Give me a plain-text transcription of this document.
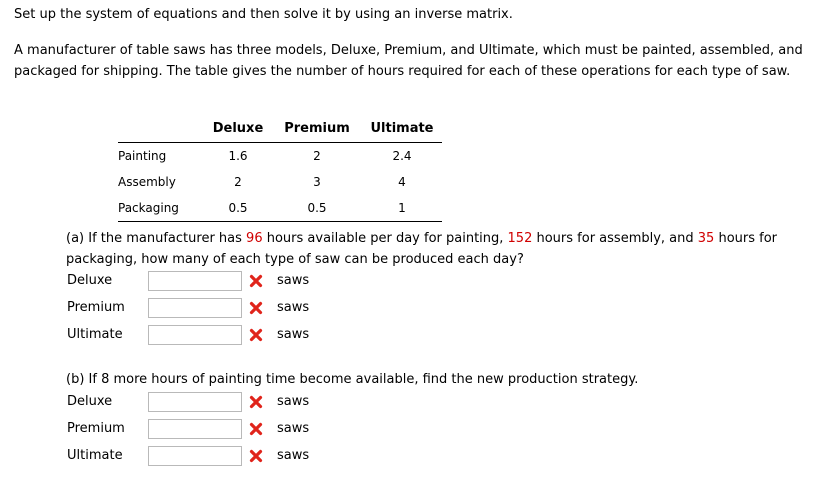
Set up the system of equations and then solve it by using an inverse matrix.
A manufacturer of table saws has three models, Deluxe, Premium, and Ultimate, which must be painted, assembled, and packaged for shipping. The table gives the number of hours required for each of these operations for each type of saw.
	Deluxe	Premium	Ultimate
Painting	1.6	2	2.4
Assembly	2	3	4
Packaging	0.5	0.5	1
(a) If the manufacturer has 96 hours available per day for painting, 152 hours for assembly, and 35 hours for packaging, how many of each type of saw can be produced each day?
Deluxe	saws
Premium	saws
Ultimate	saws
(b) If 8 more hours of painting time become available, find the new production strategy.
Deluxe	saws
Premium	saws
Ultimate	saws
